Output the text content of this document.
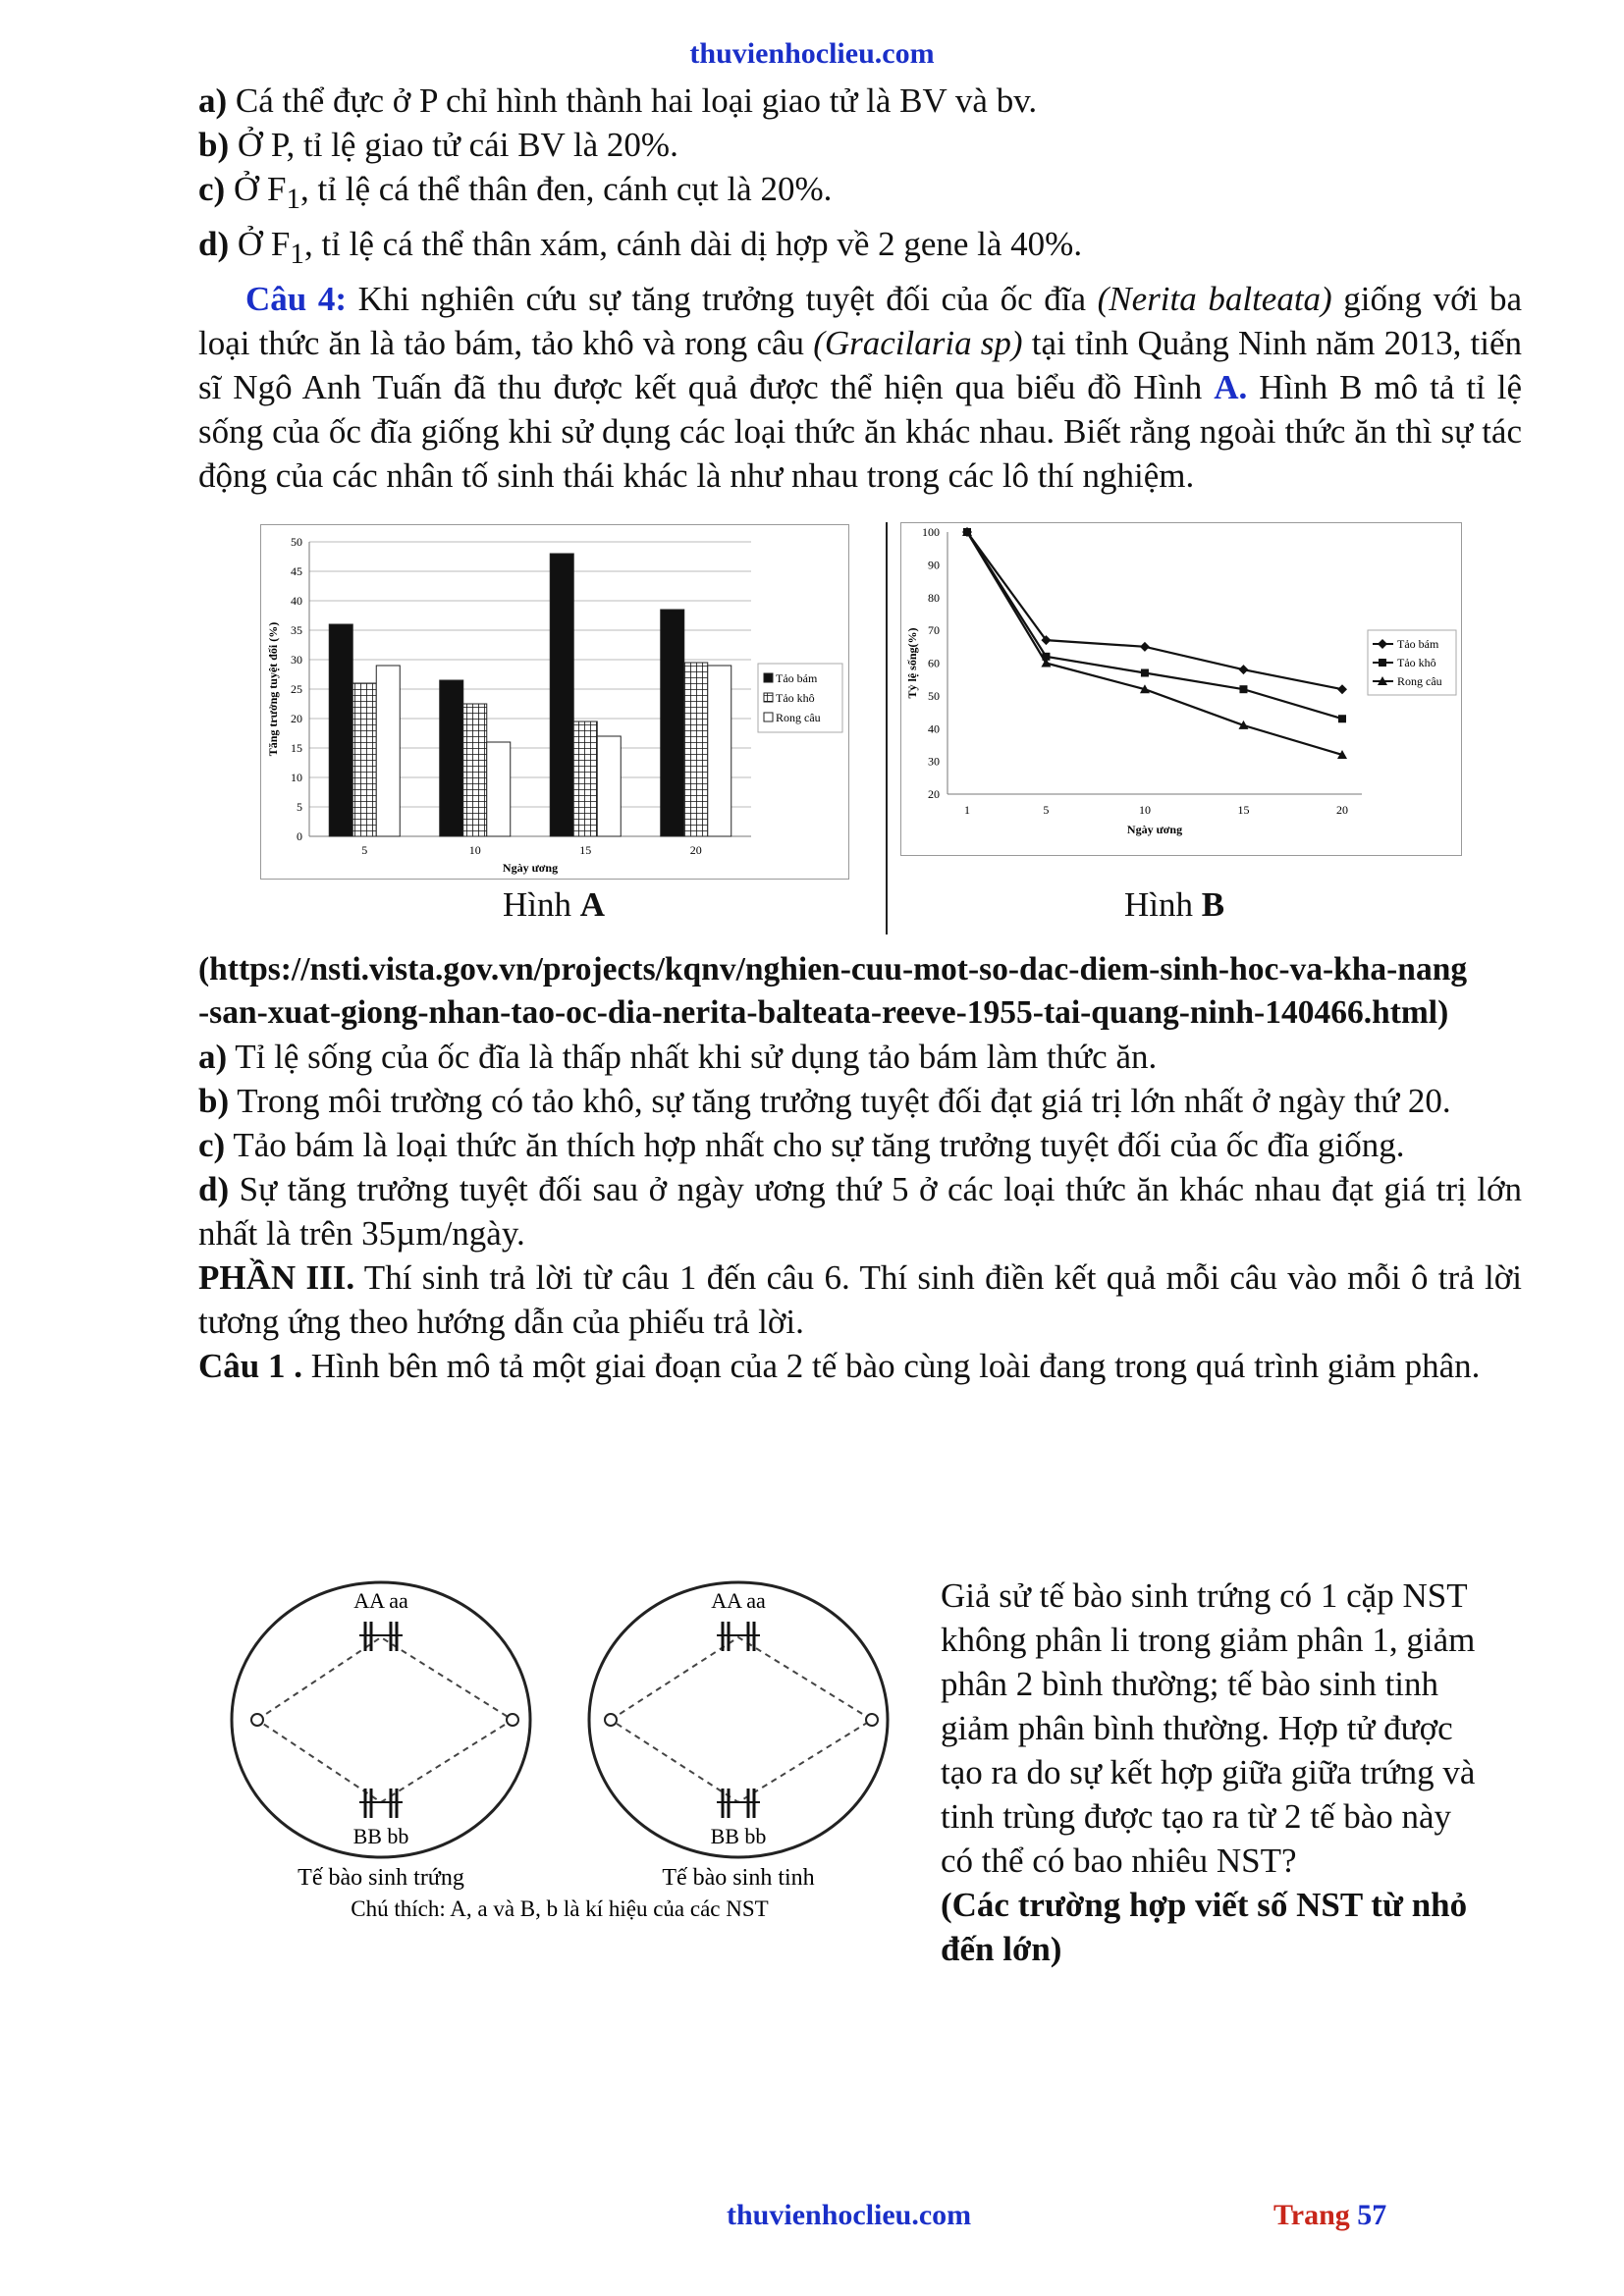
thuvienhoclieu.com
a) Cá thể đực ở P chỉ hình thành hai loại giao tử là BV và bv.
b) Ở P, tỉ lệ giao tử cái BV là 20%.
c) Ở $F_1$, tỉ lệ cá thể thân đen, cánh cụt là 20%.
d) Ở $F_1$, tỉ lệ cá thể thân xám, cánh dài dị hợp về 2 gene là 40%.
Câu 4: Khi nghiên cứu sự tăng trưởng tuyệt đối của ốc đĩa (Nerita balteata) giống với ba loại thức ăn là tảo bám, tảo khô và rong câu (Gracilaria sp) tại tỉnh Quảng Ninh năm 2013, tiến sĩ Ngô Anh Tuấn đã thu được kết quả được thể hiện qua biểu đồ Hình A. Hình B mô tả tỉ lệ sống của ốc đĩa giống khi sử dụng các loại thức ăn khác nhau. Biết rằng ngoài thức ăn thì sự tác động của các nhân tố sinh thái khác là như nhau trong các lô thí nghiệm.
0
5
10
15
20
25
30
35
40
45
50
5	10	15	20
Ngày ương
Tăng trưởng tuyệt đối (%)	Tảo bám
Tảo khô
Rong câu
20
30
40
50
60
70
80
90
100
1	5	10	15	20
Ngày ương
Tỷ lệ sống(%)	Tảo bám
Tảo khô
Rong câu
Hình A	Hình B
(https://nsti.vista.gov.vn/projects/kqnv/nghien-cuu-mot-so-dac-diem-sinh-hoc-va-kha-nang-san-xuat-giong-nhan-tao-oc-dia-nerita-balteata-reeve-1955-tai-quang-ninh-140466.html)
a) Tỉ lệ sống của ốc đĩa là thấp nhất khi sử dụng tảo bám làm thức ăn.
b) Trong môi trường có tảo khô, sự tăng trưởng tuyệt đối đạt giá trị lớn nhất ở ngày thứ 20.
c) Tảo bám là loại thức ăn thích hợp nhất cho sự tăng trưởng tuyệt đối của ốc đĩa giống.
d) Sự tăng trưởng tuyệt đối sau ở ngày ương thứ 5 ở các loại thức ăn khác nhau đạt giá trị lớn nhất là trên 35µm/ngày.
PHẦN III. Thí sinh trả lời từ câu 1 đến câu 6. Thí sinh điền kết quả mỗi câu vào mỗi ô trả lời tương ứng theo hướng dẫn của phiếu trả lời.
Câu 1 . Hình bên mô tả một giai đoạn của 2 tế bào cùng loài đang trong quá trình giảm phân.
AA aa
BB bb
Tế bào sinh trứng
AA aa
BB bb
Tế bào sinh tinh
Chú thích: A, a và B, b là kí hiệu của các NST
Giả sử tế bào sinh trứng có 1 cặp NST không phân li trong giảm phân 1, giảm phân 2 bình thường; tế bào sinh tinh giảm phân bình thường. Hợp tử được tạo ra do sự kết hợp giữa giữa trứng và tinh trùng được tạo ra từ 2 tế bào này có thể có bao nhiêu NST?
(Các trường hợp viết số NST từ nhỏ đến lớn)
thuvienhoclieu.com	Trang 57
